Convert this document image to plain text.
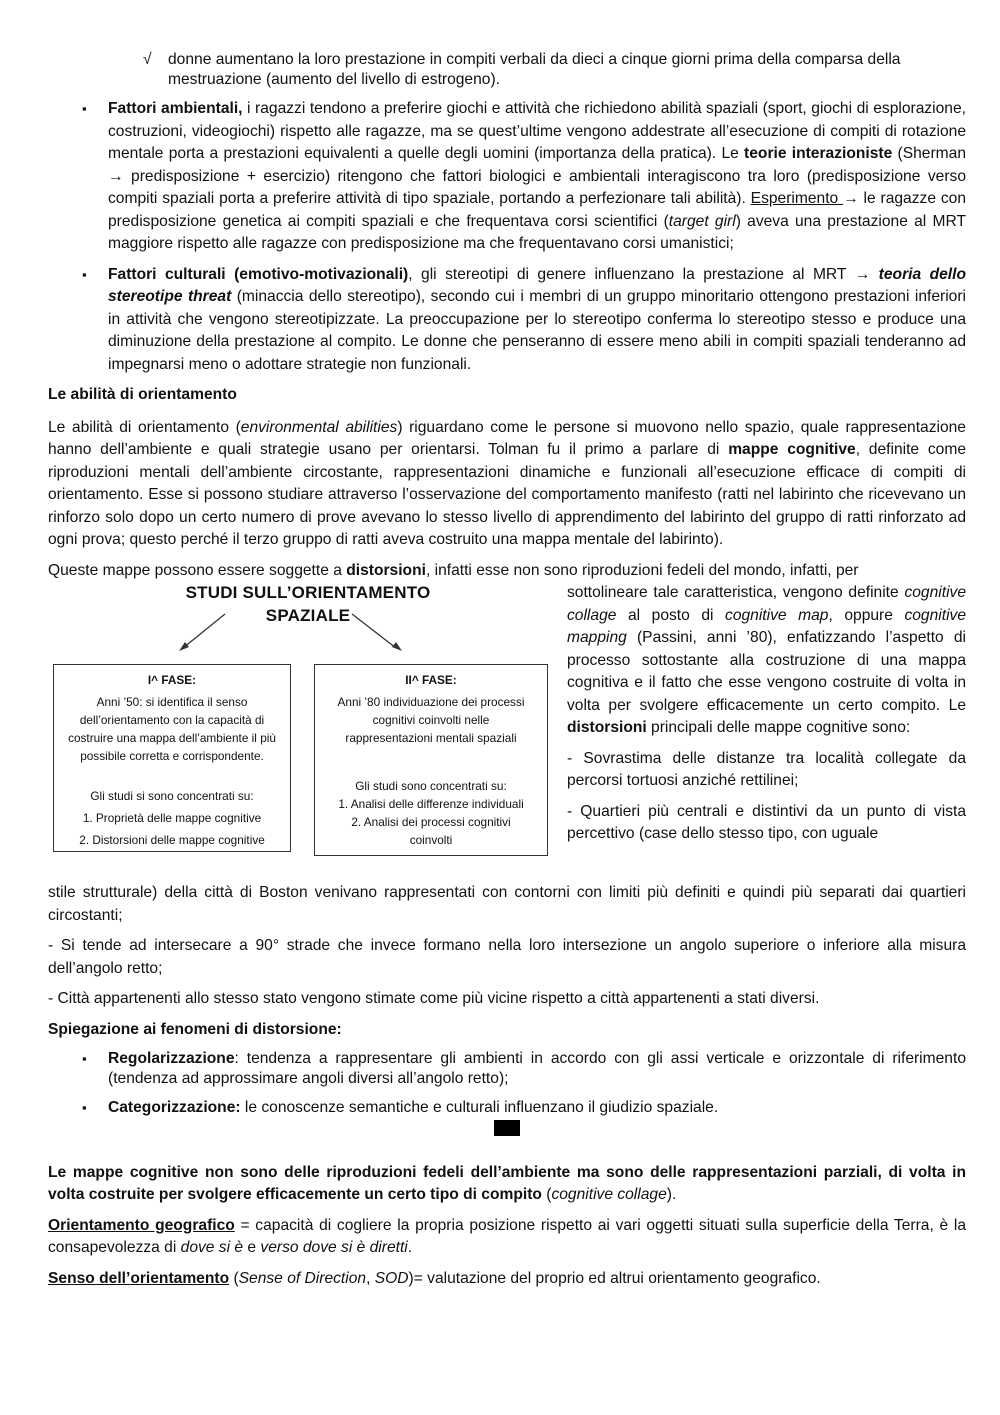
√ donne aumentano la loro prestazione in compiti verbali da dieci a cinque giorni prima della comparsa della mestruazione (aumento del livello di estrogeno).
▪ Fattori ambientali, i ragazzi tendono a preferire giochi e attività che richiedono abilità spaziali (sport, giochi di esplorazione, costruzioni, videogiochi) rispetto alle ragazze, ma se quest’ultime vengono addestrate all’esecuzione di compiti di rotazione mentale porta a prestazioni equivalenti a quelle degli uomini (importanza della pratica). Le teorie interazioniste (Sherman → predisposizione + esercizio) ritengono che fattori biologici e ambientali interagiscono tra loro (predisposizione verso compiti spaziali porta a preferire attività di tipo spaziale, portando a perfezionare tali abilità). Esperimento → le ragazze con predisposizione genetica ai compiti spaziali e che frequentava corsi scientifici (target girl) aveva una prestazione al MRT maggiore rispetto alle ragazze con predisposizione ma che frequentavano corsi umanistici;
▪ Fattori culturali (emotivo-motivazionali), gli stereotipi di genere influenzano la prestazione al MRT → teoria dello stereotipe threat (minaccia dello stereotipo), secondo cui i membri di un gruppo minoritario ottengono prestazioni inferiori in attività che vengono stereotipizzate. La preoccupazione per lo stereotipo conferma lo stereotipo stesso e produce una diminuzione della prestazione al compito. Le donne che penseranno di essere meno abili in compiti spaziali tenderanno ad impegnarsi meno o adottare strategie non funzionali.
Le abilità di orientamento

Le abilità di orientamento (environmental abilities) riguardano come le persone si muovono nello spazio, quale rappresentazione hanno dell’ambiente e quali strategie usano per orientarsi. Tolman fu il primo a parlare di mappe cognitive, definite come riproduzioni mentali dell’ambiente circostante, rappresentazioni dinamiche e funzionali all’esecuzione efficace di compiti di orientamento. Esse si possono studiare attraverso l’osservazione del comportamento manifesto (ratti nel labirinto che ricevevano un rinforzo solo dopo un certo numero di prove avevano lo stesso livello di apprendimento del labirinto del gruppo di ratti rinforzato ad ogni prova; questo perché il terzo gruppo di ratti aveva costruito una mappa mentale del labirinto).

Queste mappe possono essere soggette a distorsioni, infatti esse non sono riproduzioni fedeli del mondo, infatti, per

STUDI SULL’ORIENTAMENTO SPAZIALE
I^ FASE:

Anni ’50: si identifica il senso dell’orientamento con la capacità di costruire una mappa dell’ambiente il più possibile corretta e corrispondente.

Gli studi si sono concentrati su:

1. Proprietà delle mappe cognitive

2. Distorsioni delle mappe cognitive

II^ FASE:

Anni ’80 individuazione dei processi cognitivi coinvolti nelle rappresentazioni mentali spaziali

Gli studi sono concentrati su:

1. Analisi delle differenze individuali

2. Analisi dei processi cognitivi coinvolti

sottolineare tale caratteristica, vengono definite cognitive collage al posto di cognitive map, oppure cognitive mapping (Passini, anni ’80), enfatizzando l’aspetto di processo sottostante alla costruzione di una mappa cognitiva e il fatto che esse vengono costruite di volta in volta per svolgere efficacemente un certo compito. Le distorsioni principali delle mappe cognitive sono:

- Sovrastima delle distanze tra località collegate da percorsi tortuosi anziché rettilinei;

- Quartieri più centrali e distintivi da un punto di vista percettivo (case dello stesso tipo, con uguale

stile strutturale) della città di Boston venivano rappresentati con contorni con limiti più definiti e quindi più separati dai quartieri circostanti;

- Si tende ad intersecare a 90° strade che invece formano nella loro intersezione un angolo superiore o inferiore alla misura dell’angolo retto;

- Città appartenenti allo stesso stato vengono stimate come più vicine rispetto a città appartenenti a stati diversi.

Spiegazione ai fenomeni di distorsione:
▪ Regolarizzazione: tendenza a rappresentare gli ambienti in accordo con gli assi verticale e orizzontale di riferimento (tendenza ad approssimare angoli diversi all’angolo retto);
▪ Categorizzazione: le conoscenze semantiche e culturali influenzano il giudizio spaziale.

Le mappe cognitive non sono delle riproduzioni fedeli dell’ambiente ma sono delle rappresentazioni parziali, di volta in volta costruite per svolgere efficacemente un certo tipo di compito (cognitive collage).

Orientamento geografico = capacità di cogliere la propria posizione rispetto ai vari oggetti situati sulla superficie della Terra, è la consapevolezza di dove si è e verso dove si è diretti.

Senso dell’orientamento (Sense of Direction, SOD)= valutazione del proprio ed altrui orientamento geografico.
